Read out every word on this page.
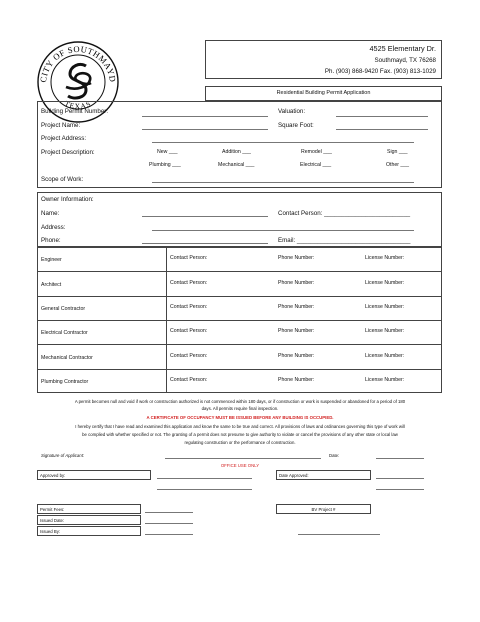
CITY OF SOUTHMAYD
TEXAS
4525 Elementary Dr.
Southmayd, TX 76268
Ph. (903) 868-9420 Fax. (903) 813-1029
Residential Building Permit Application
Building Permit Number:	Valuation:
Project Name:	Square Foot:
Project Address:
Project Description:	New ___	Addition ___	Remodel ___	Sign ___
Plumbing ___	Mechanical ___	Electrical ___	Other ___
Scope of Work:
Owner Information:
Name:	Contact Person: _________________________
Address:
Phone:	Email: _________________________________
Engineer	Contact Person:	Phone Number:	License Number:
Architect	Contact Person:	Phone Number:	License Number:
General Contractor	Contact Person:	Phone Number:	License Number:
Electrical Contractor	Contact Person:	Phone Number:	License Number:
Mechanical Contractor	Contact Person:	Phone Number:	License Number:
Plumbing Contractor	Contact Person:	Phone Number:	License Number:
A permit becomes null and void if work or construction authorized is not commenced within 180 days, or if construction or work is suspended or abandoned for a period of 180
days. All permits require final inspection.
A CERTIFICATE OF OCCUPANCY MUST BE ISSUED BEFORE ANY BUILDING IS OCCUPIED.
I hereby certify that I have read and examined this application and know the same to be true and correct. All provisions of laws and ordinances governing this type of work will
be complied with whether specified or not. The granting of a permit does not presume to give authority to violate or cancel the provisions of any other state or local law
regulating construction or the performance of construction.
Signature of Applicant:	Date:
OFFICE USE ONLY
Approved by:	Date Approved:
Permit Fees:	BV Project #
Issued Date:
Issued By:
